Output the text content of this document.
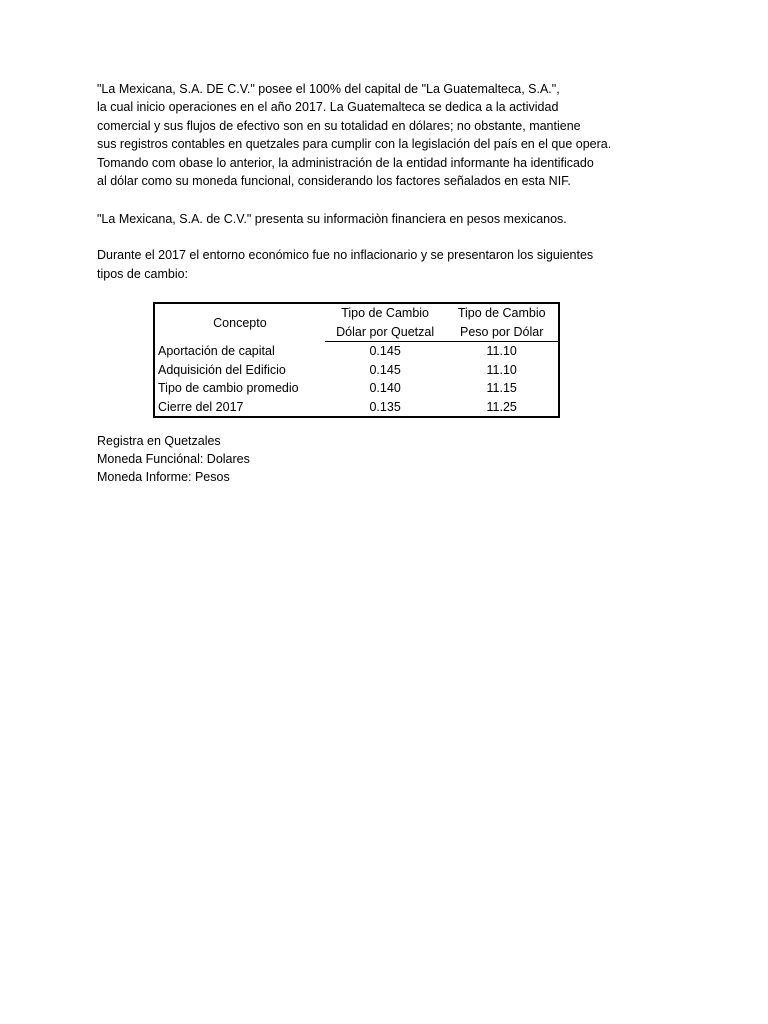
"La Mexicana, S.A. DE C.V." posee el 100% del capital de "La Guatemalteca, S.A.",
la cual inicio operaciones en el año 2017. La Guatemalteca se dedica a la actividad
comercial y sus flujos de efectivo son en su totalidad en dólares; no obstante, mantiene
sus registros contables en quetzales para cumplir con la legislación del país en el que opera.
Tomando com obase lo anterior, la administración de la entidad informante ha identificado
al dólar como su moneda funcional, considerando los factores señalados en esta NIF.
"La Mexicana, S.A. de C.V." presenta su informaciòn financiera en pesos mexicanos.
Durante el 2017 el entorno económico fue no inflacionario y se presentaron los siguientes
tipos de cambio:
Concepto	Tipo de Cambio	Tipo de Cambio
	Dólar por Quetzal	Peso por Dólar
Aportación de capital	0.145	11.10
Adquisición del Edificio	0.145	11.10
Tipo de cambio promedio	0.140	11.15
Cierre del 2017	0.135	11.25
Registra en Quetzales
Moneda Funciónal: Dolares
Moneda Informe: Pesos
